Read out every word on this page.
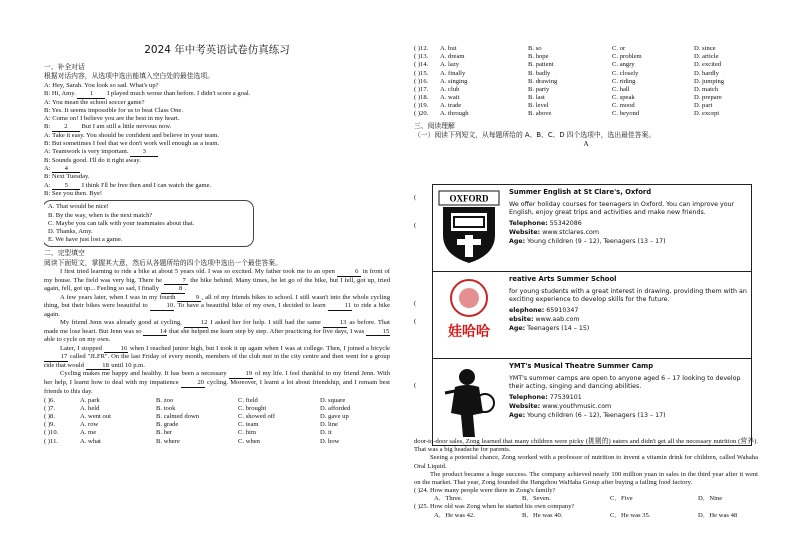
2024 年中考英语试卷仿真练习
一、补全对话
根据对话内容，从选项中选出能填入空白处的最佳选项。
A: Hey, Sarah. You look so sad. What's up?
B: Hi, Amy. 1 I played much worse than before. I didn't score a goal.
A: You mean the school soccer game?
B: Yes. It seems impossible for us to beat Class One.
A: Come on! I believe you are the best in my heart.
B: 2 But I am still a little nervous now.
A: Take it easy. You should be confident and believe in your team.
B: But sometimes I feel that we don't work well enough as a team.
A: Teamwork is very important. 3
B: Sounds good. I'll do it right away.
A: 4
B: Next Tuesday.
A: 5 I think I'll be free then and I can watch the game.
B: See you then. Bye!
A. That would be nice!
B. By the way, when is the next match?
C. Maybe you can talk with your teammates about that.
D. Thanks, Amy.
E. We have just lost a game.
二、完型填空
阅读下面短文，掌握其大意，然后从各题所给的四个选项中选出一个最佳答案。
I first tried learning to ride a bike at about 5 years old. I was so excited. My father took me to an open	6 in front of my house. The field was very big. There he	7 the bike behind. Many times, he let go of the bike, but I fell, got up, tried again, fell, got up... Feeling so sad, I finally	8 .
A few years later, when I was in my fourth	9 , all of my friends bikes to school. I still wasn't into the whole cycling thing, but their bikes were beautiful to	10. To have a beautiful bike of my own, I decided to learn	11 to ride a bike again.
My friend Jenn was already good at cycling,	12 I asked her for help. I still had the same	13 as before. That made me lose heart. But Jenn was so	14 that she helped me learn step by step. After practicing for five days, I was	15 able to cycle on my own.
Later, I stopped	16 when I reached junior high, but I took it up again when I was at college. Then, I joined a bicycle 17 called "JLFR". On the last Friday of every month, members of the club met in the city centre and then went for a group ride that would	18 until 10 p.m.
Cycling makes me happy and healthy. It has been a necessary	19 of my life. I feel thankful to my friend Jenn. With her help, I learnt how to deal with my impatience	20 cycling. Moreover, I learnt a lot about friendship, and I remain best friends to this day.
( )6.	A. park	B. zoo	C. field	D. square
( )7.	A. held	B. took	C. brought	D. afforded
( )8.	A. went out	B. calmed down	C. showed off	D. gave up
( )9.	A. row	B. grade	C. team	D. line
( )10.	A. me	B. her	C. him	D. it
( )11.	A. what	B. where	C. when	D. how
( )12.	A. but	B. so	C. or	D. since
( )13.	A. dream	B. hope	C. problem	D. article
( )14.	A. lazy	B. patient	C. angry	D. excited
( )15.	A. finally	B. badly	C. closely	D. hardly
( )16.	A. singing	B. drawing	C. riding	D. jumping
( )17.	A. club	B. party	C. hall	D. match
( )18.	A. wait	B. last	C. speak	D. prepare
( )19.	A. trade	B. level	C. mood	D. part
( )20.	A. through	B. above	C. beyond	D. except
三、阅读理解
（一）阅读下列短文，从每题所给的 A、B、C、D 四个选项中，选出最佳答案。
A
(
(
(
(
(
OXFORD
Summer English at St Clare's, Oxford
We offer holiday courses for teenagers in Oxford. You can improve your English, enjoy great trips and activities and make new friends.
Telephone: 55342086
Website: www.stclares.com
Age: Young children (9 – 12), Teenagers (13 – 17)
娃哈哈
reative Arts Summer School
for young students with a great interest in drawing, providing them with an exciting experience to develop skills for the future.
elephone: 65910347
ebsite: www.aab.com
Age: Teenagers (14 – 15)
YMT's Musical Theatre Summer Camp
YMT's summer camps are open to anyone aged 6 – 17 looking to develop their acting, singing and dancing abilities.
Telephone: 77539101
Website: www.youthmusic.com
Age: Young children (6 – 12), Teenagers (13 – 17)
door-to-door sales, Zong learned that many children were picky (挑剔的) eaters and didn't get all the necessary nutrition (营养). That was a big headache for parents.
Seeing a potential chance, Zong worked with a professor of nutrition to invent a vitamin drink for children, called Wahaha Oral Liquid.
The product became a huge success. The company achieved nearly 100 million yuan in sales in the third year after it went on the market. That year, Zong founded the Hangzhou WaHaha Group after buying a failing food factory.
( )24. How many people were there in Zong's family?
A．Three.	B．Seven.	C．Five	D．Nine
( )25. How old was Zong when he started his own company?
A．He was 42.	B．He was 40.	C．He was 35.	D．He was 48
